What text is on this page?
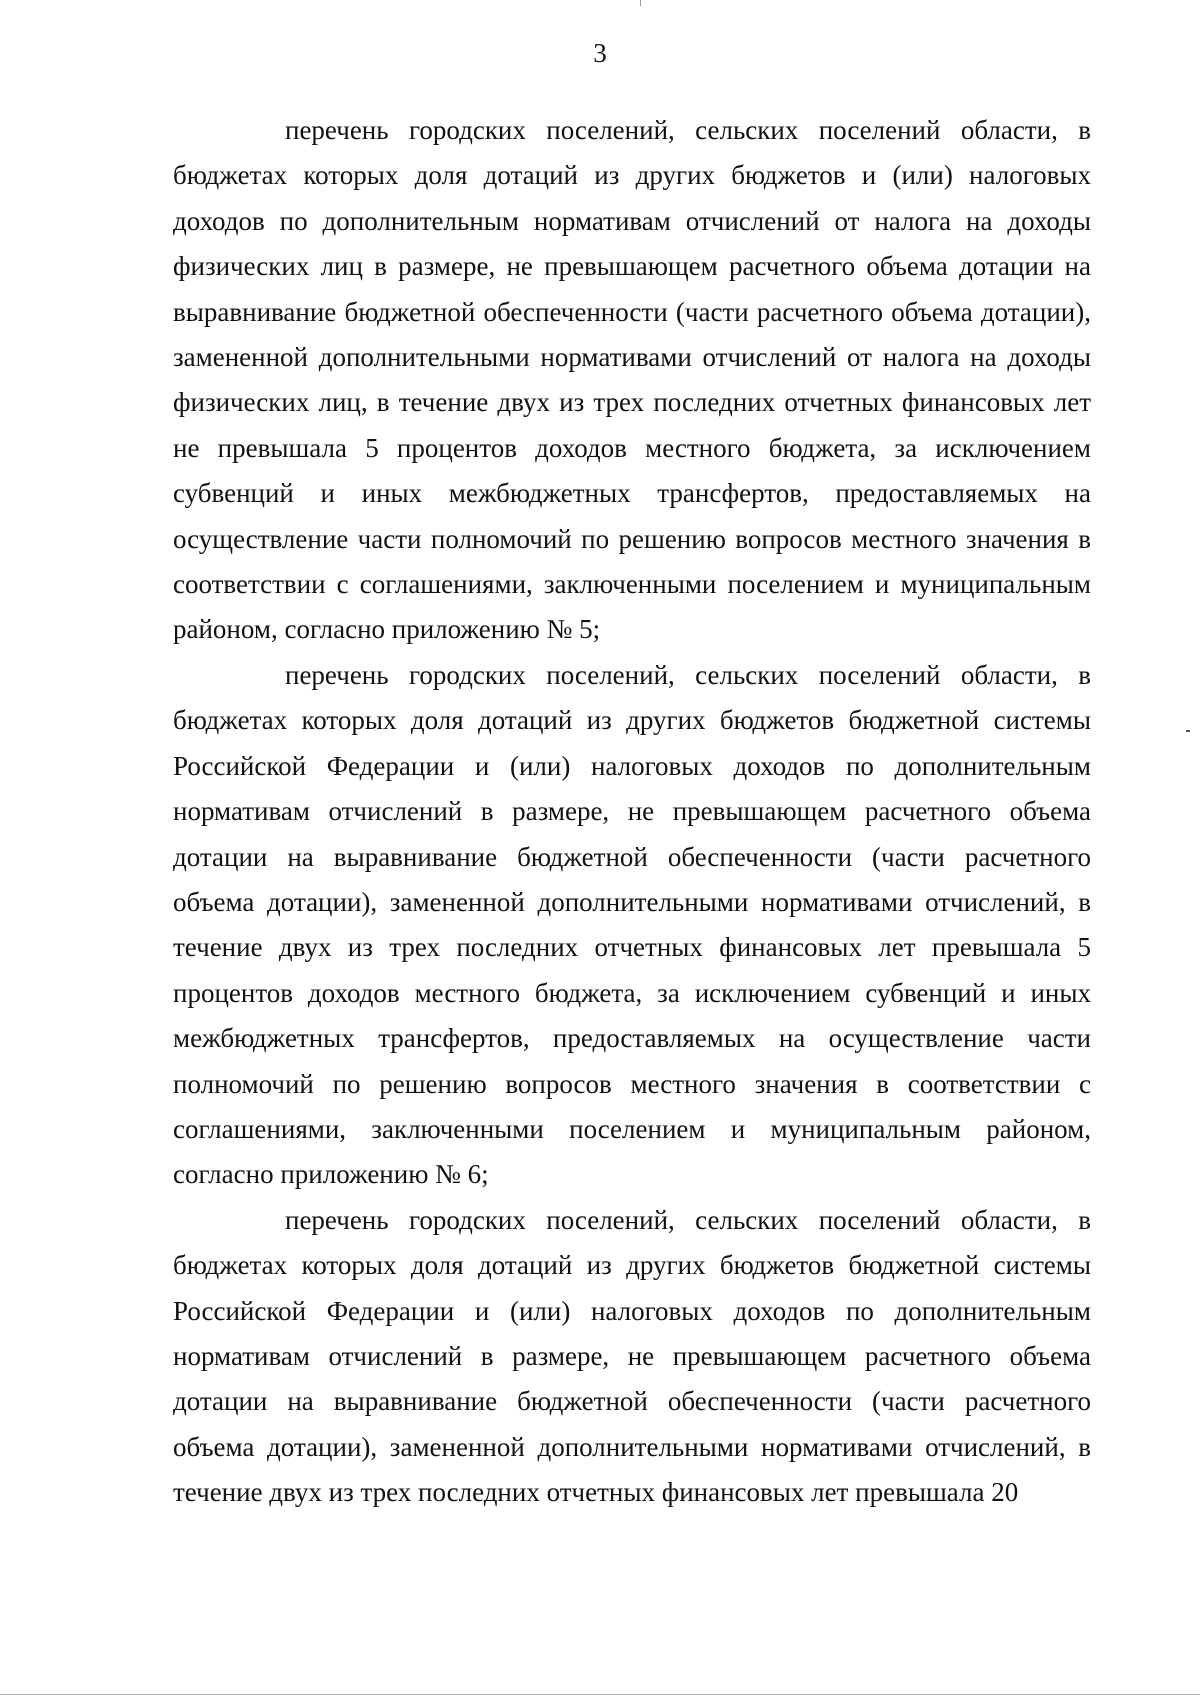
3

перечень городских поселений, сельских поселений области, в бюджетах которых доля дотаций из других бюджетов и (или) налоговых доходов по дополнительным нормативам отчислений от налога на доходы физических лиц в размере, не превышающем расчетного объема дотации на выравнивание бюджетной обеспеченности (части расчетного объема дотации), замененной дополнительными нормативами отчислений от налога на доходы физических лиц, в течение двух из трех последних отчетных финансовых лет не превышала 5 процентов доходов местного бюджета, за исключением субвенций и иных межбюджетных трансфертов, предоставляемых на осуществление части полномочий по решению вопросов местного значения в соответствии с соглашениями, заключенными поселением и муниципальным районом, согласно приложению № 5;

перечень городских поселений, сельских поселений области, в бюджетах которых доля дотаций из других бюджетов бюджетной системы Российской Федерации и (или) налоговых доходов по дополнительным нормативам отчислений в размере, не превышающем расчетного объема дотации на выравнивание бюджетной обеспеченности (части расчетного объема дотации), замененной дополнительными нормативами отчислений, в течение двух из трех последних отчетных финансовых лет превышала 5 процентов доходов местного бюджета, за исключением субвенций и иных межбюджетных трансфертов, предоставляемых на осуществление части полномочий по решению вопросов местного значения в соответствии с соглашениями, заключенными поселением и муниципальным районом, согласно приложению № 6;

перечень городских поселений, сельских поселений области, в бюджетах которых доля дотаций из других бюджетов бюджетной системы Российской Федерации и (или) налоговых доходов по дополнительным нормативам отчислений в размере, не превышающем расчетного объема дотации на выравнивание бюджетной обеспеченности (части расчетного объема дотации), замененной дополнительными нормативами отчислений, в течение двух из трех последних отчетных финансовых лет превышала 20
